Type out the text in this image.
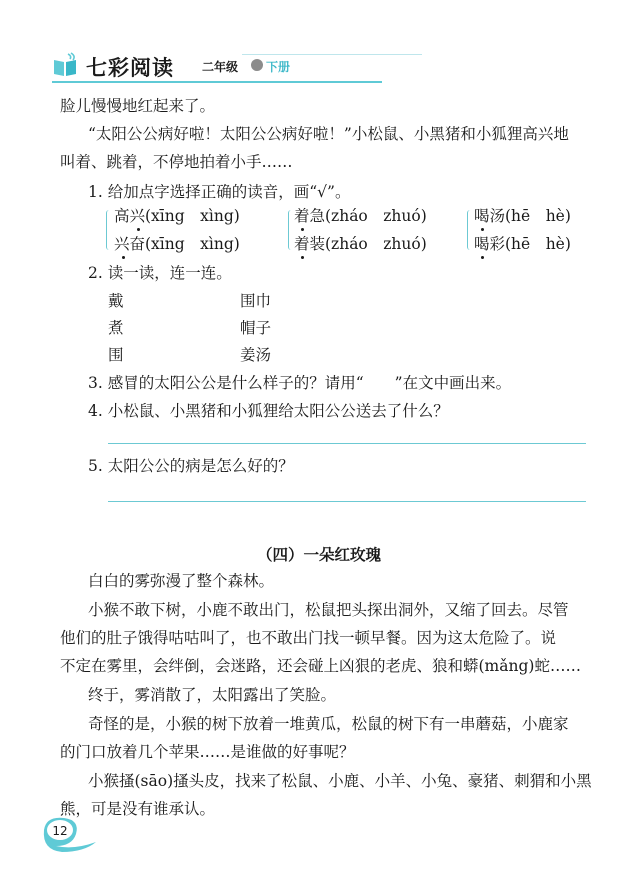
七彩阅读 二年级 下册
脸儿慢慢地红起来了。
“太阳公公病好啦！太阳公公病好啦！”小松鼠、小黑猪和小狐狸高兴地
叫着、跳着，不停地拍着小手……
1. 给加点字选择正确的读音，画“√”。
高兴(xīng　xìng)
兴奋(xīng　xìng)
着急(zháo　zhuó)
着装(zháo　zhuó)
喝汤(hē　hè)
喝彩(hē　hè)
2. 读一读，连一连。
戴
煮
围
围巾
帽子
姜汤
3. 感冒的太阳公公是什么样子的？请用“　　”在文中画出来。
4. 小松鼠、小黑猪和小狐狸给太阳公公送去了什么？
5. 太阳公公的病是怎么好的？
（四）一朵红玫瑰
白白的雾弥漫了整个森林。
小猴不敢下树，小鹿不敢出门，松鼠把头探出洞外，又缩了回去。尽管
他们的肚子饿得咕咕叫了，也不敢出门找一顿早餐。因为这太危险了。说
不定在雾里，会绊倒，会迷路，还会碰上凶狠的老虎、狼和蟒(mǎng)蛇……
终于，雾消散了，太阳露出了笑脸。
奇怪的是，小猴的树下放着一堆黄瓜，松鼠的树下有一串蘑菇，小鹿家
的门口放着几个苹果……是谁做的好事呢？
小猴搔(sāo)搔头皮，找来了松鼠、小鹿、小羊、小兔、豪猪、刺猬和小黑
熊，可是没有谁承认。
12
